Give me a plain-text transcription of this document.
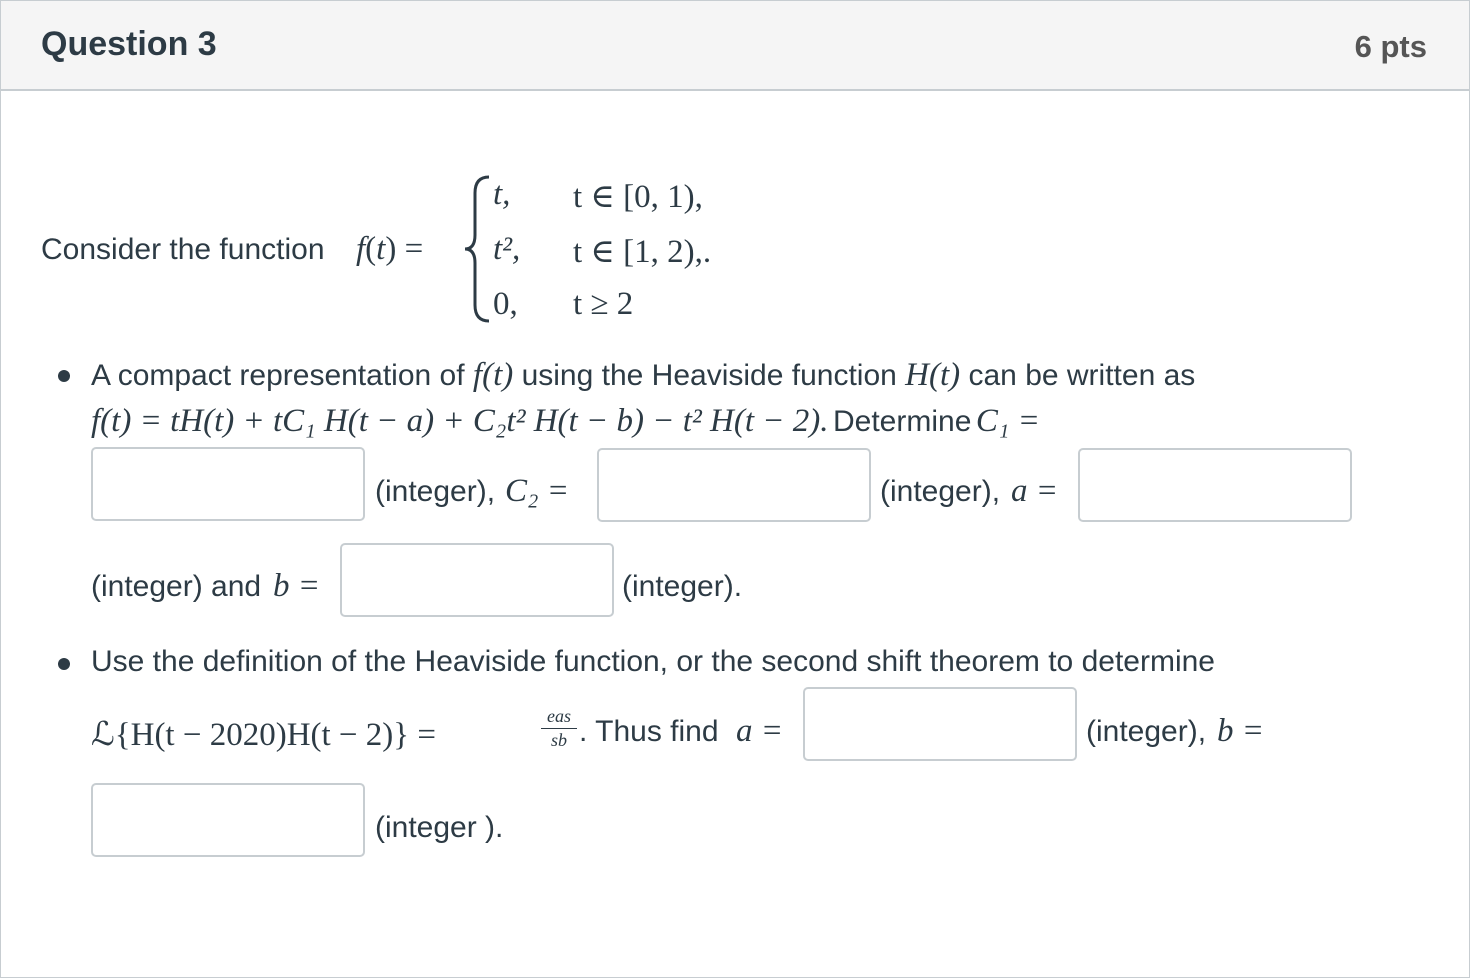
Question 3	6 pts
Consider the function f(t) =
t, t ∈ [0, 1),
t², t ∈ [1, 2),.
0, t ≥ 2
A compact representation of f(t) using the Heaviside function H(t) can be written as
f(t) = tH(t) + tC₁ H(t − a) + C₂t² H(t − b) − t² H(t − 2). Determine C₁ =
(integer), C₂ =	(integer), a =
(integer) and b =	(integer).
Use the definition of the Heaviside function, or the second shift theorem to determine
ℒ{H(t − 2020)H(t − 2)} =
eas
sb . Thus find a =	(integer), b =
(integer ).
